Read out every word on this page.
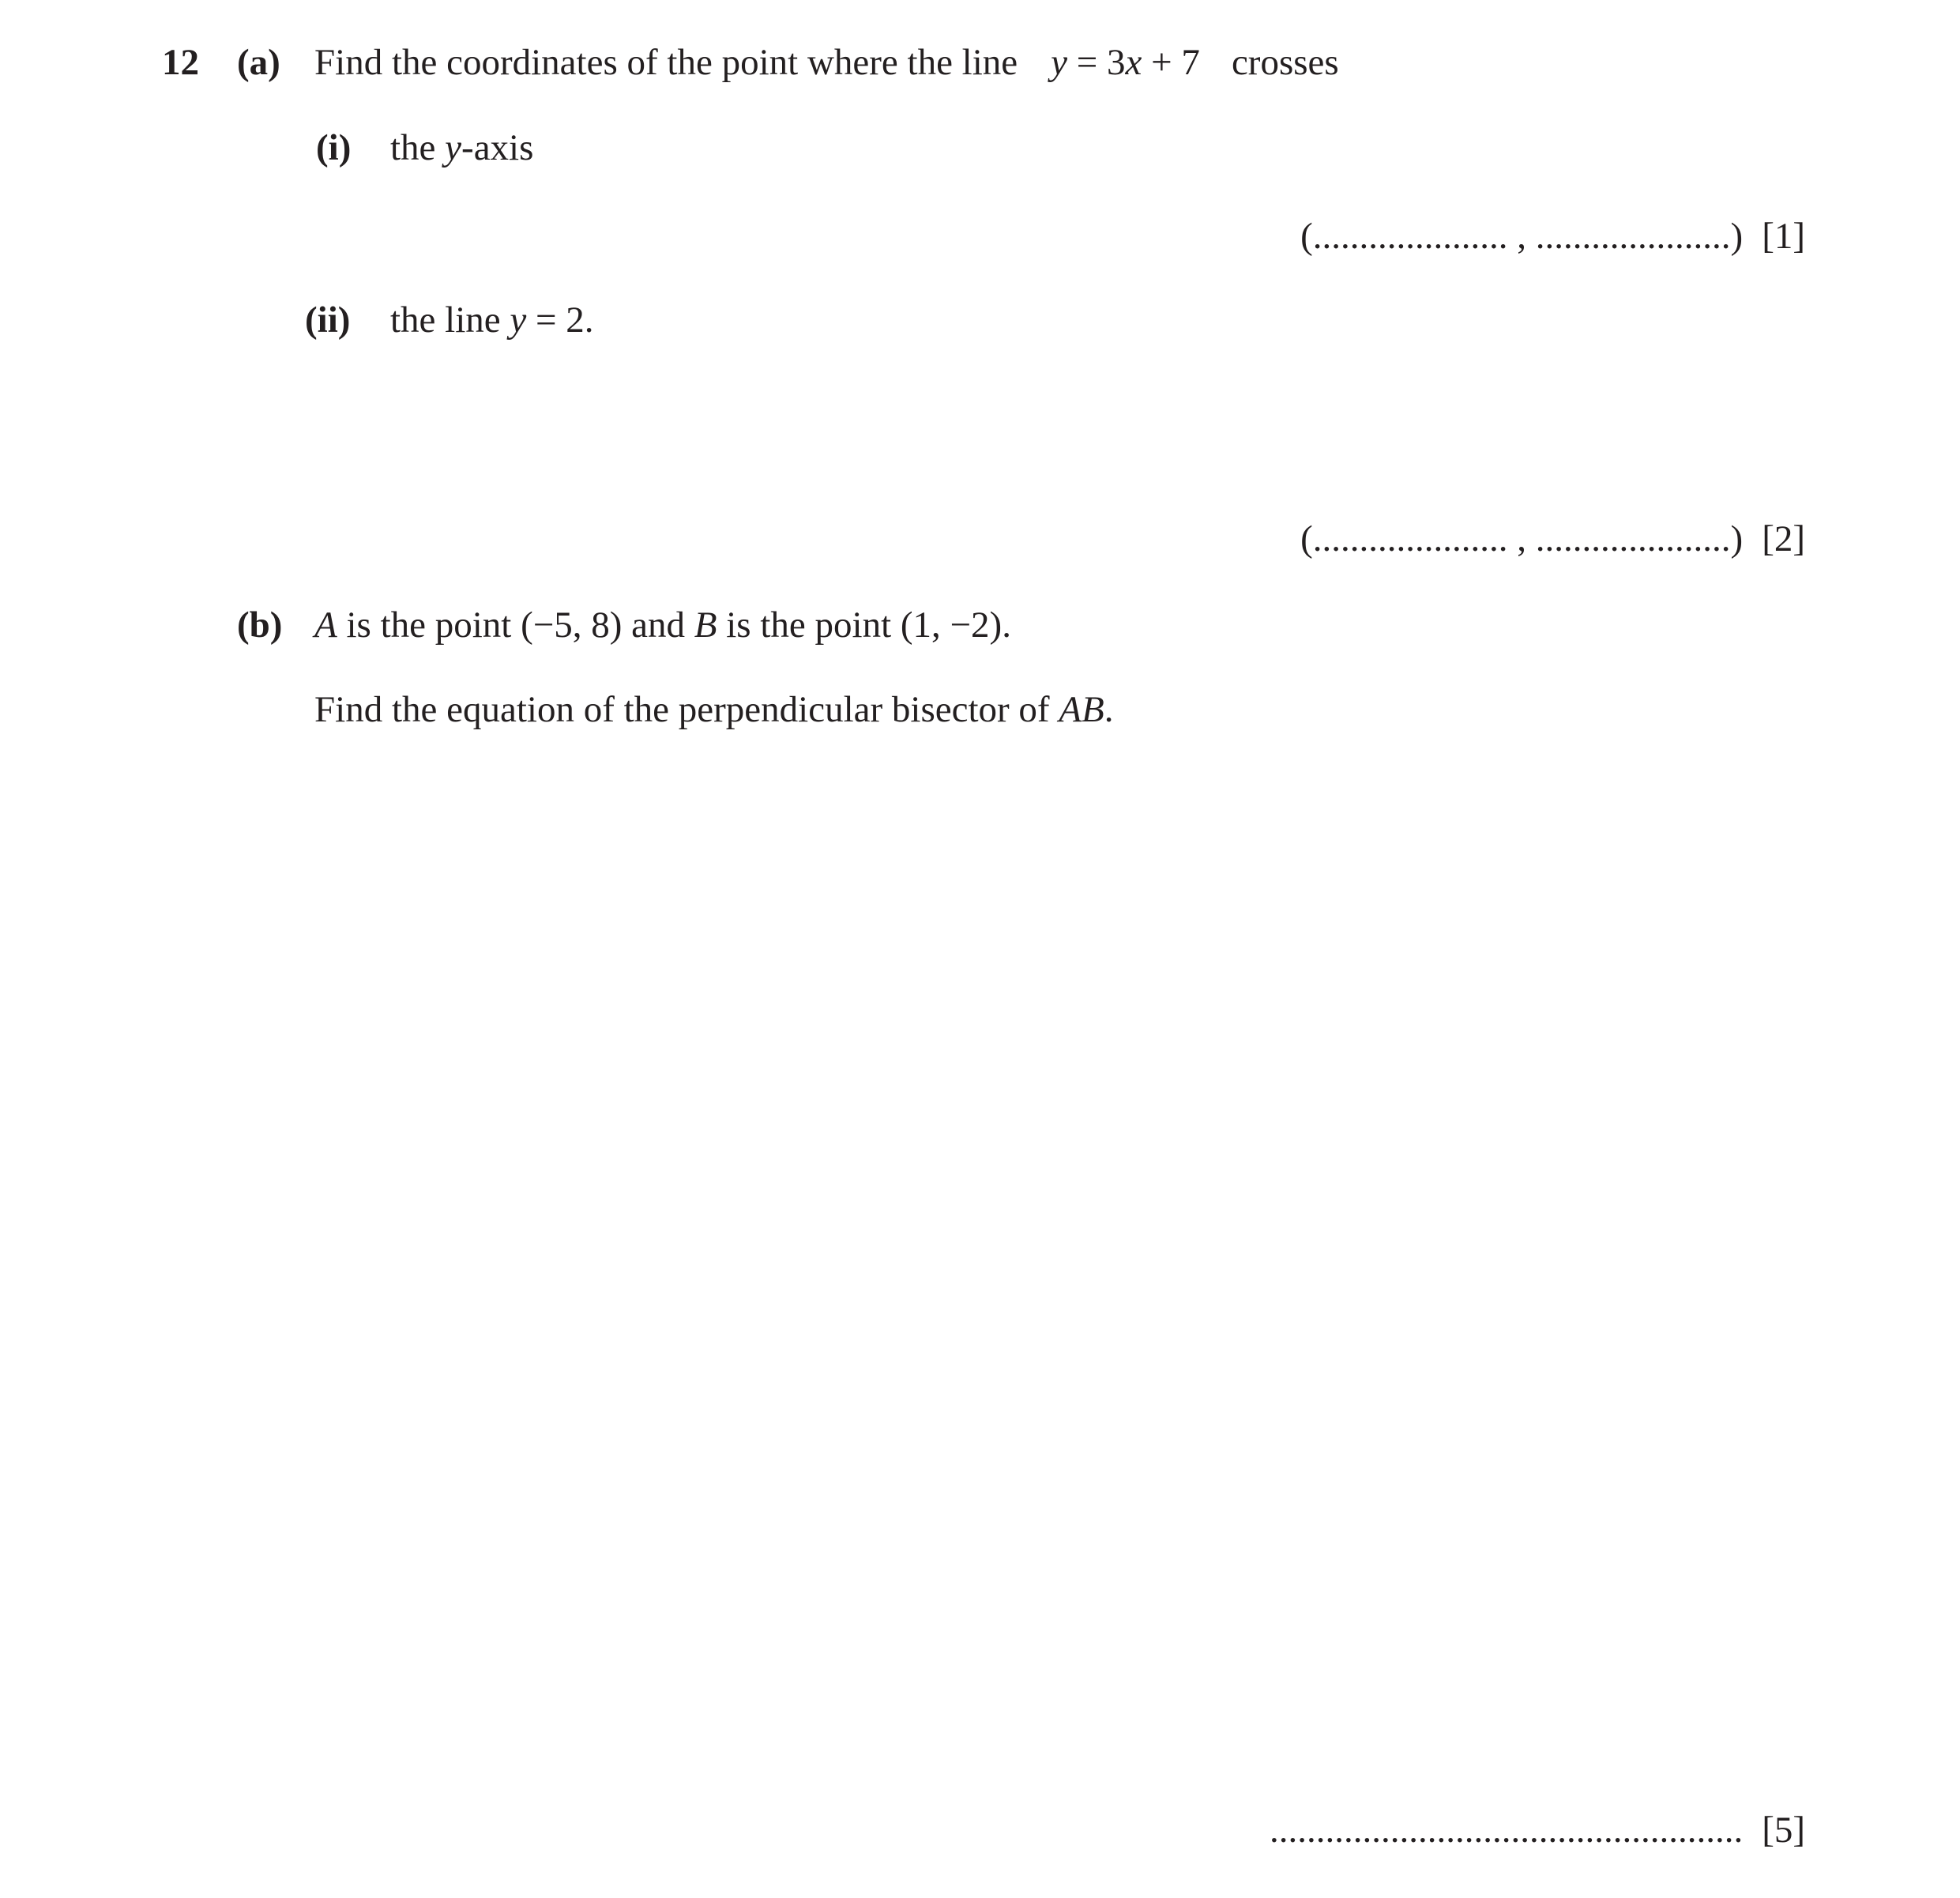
12 (a) Find the coordinates of the point where the line y = 3x + 7 crosses
(i) the y-axis
(..................... , .....................) [1]
(ii) the line y = 2.
(..................... , .....................) [2]
(b) A is the point (−5, 8) and B is the point (1, −2).
Find the equation of the perpendicular bisector of AB.
................................................... [5]
